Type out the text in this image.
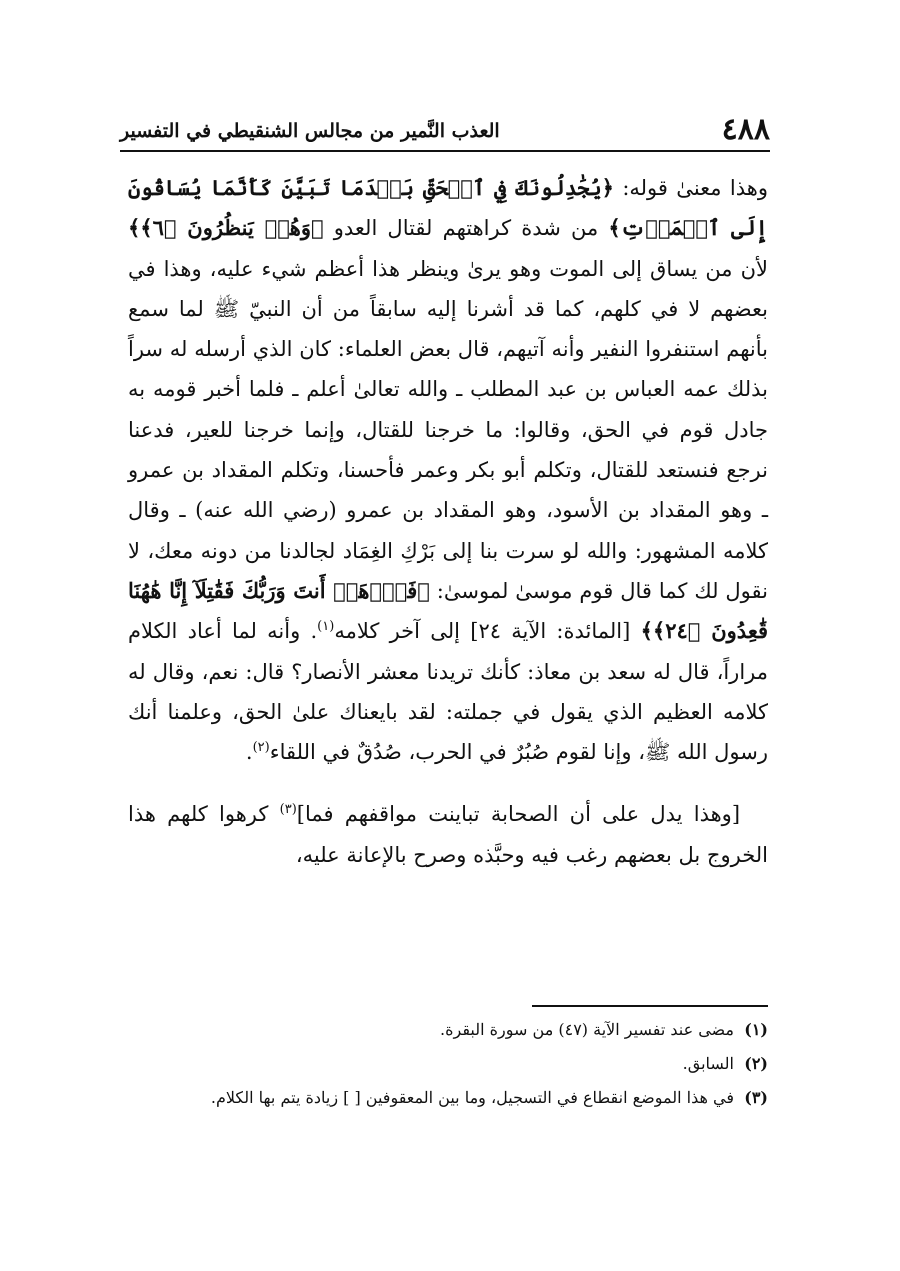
٤٨٨
العذب النَّمير من مجالس الشنقيطي في التفسير

وهذا معنىٰ قوله: ﴿يُجَٰدِلُونَكَ فِي ٱلۡحَقِّ بَعۡدَمَا تَبَيَّنَ كَأَنَّمَا يُسَاقُونَ إِلَى ٱلۡمَوۡتِ﴾ من شدة كراهتهم لقتال العدو ﴿وَهُمۡ يَنظُرُونَ ﴿٦﴾﴾ لأن من يساق إلى الموت وهو يرىٰ وينظر هذا أعظم شيء عليه، وهذا في بعضهم لا في كلهم، كما قد أشرنا إليه سابقاً من أن النبيّ ﷺ لما سمع بأنهم استنفروا النفير وأنه آتيهم، قال بعض العلماء: كان الذي أرسله له سراً بذلك عمه العباس بن عبد المطلب ـ والله تعالىٰ أعلم ـ فلما أخبر قومه به جادل قوم في الحق، وقالوا: ما خرجنا للقتال، وإنما خرجنا للعير، فدعنا نرجع فنستعد للقتال، وتكلم أبو بكر وعمر فأحسنا، وتكلم المقداد بن عمرو ـ وهو المقداد بن الأسود، وهو المقداد بن عمرو (رضي الله عنه) ـ وقال كلامه المشهور: والله لو سرت بنا إلى بَرْكِ الغِمَاد لجالدنا من دونه معك، لا نقول لك كما قال قوم موسىٰ لموسىٰ: ﴿فَٱذۡهَبۡ أَنتَ وَرَبُّكَ فَقَٰتِلَآ إِنَّا هَٰهُنَا قَٰعِدُونَ ﴿٢٤﴾﴾ [المائدة: الآية ٢٤] إلى آخر كلامه$^{(١)}$. وأنه لما أعاد الكلام مراراً، قال له سعد بن معاذ: كأنك تريدنا معشر الأنصار؟ قال: نعم، وقال له كلامه العظيم الذي يقول في جملته: لقد بايعناك علىٰ الحق، وعلمنا أنك رسول الله ﷺ، وإنا لقوم صُبُرٌ في الحرب، صُدُقٌ في اللقاء$^{(٢)}$.

[وهذا يدل على أن الصحابة تباينت مواقفهم فما]$^{(٣)}$ كرهوا كلهم هذا الخروج بل بعضهم رغب فيه وحبَّذه وصرح بالإعانة عليه،

(١)
مضى عند تفسير الآية (٤٧) من سورة البقرة.
(٢)
السابق.
(٣)
في هذا الموضع انقطاع في التسجيل، وما بين المعقوفين [ ] زيادة يتم بها الكلام.
